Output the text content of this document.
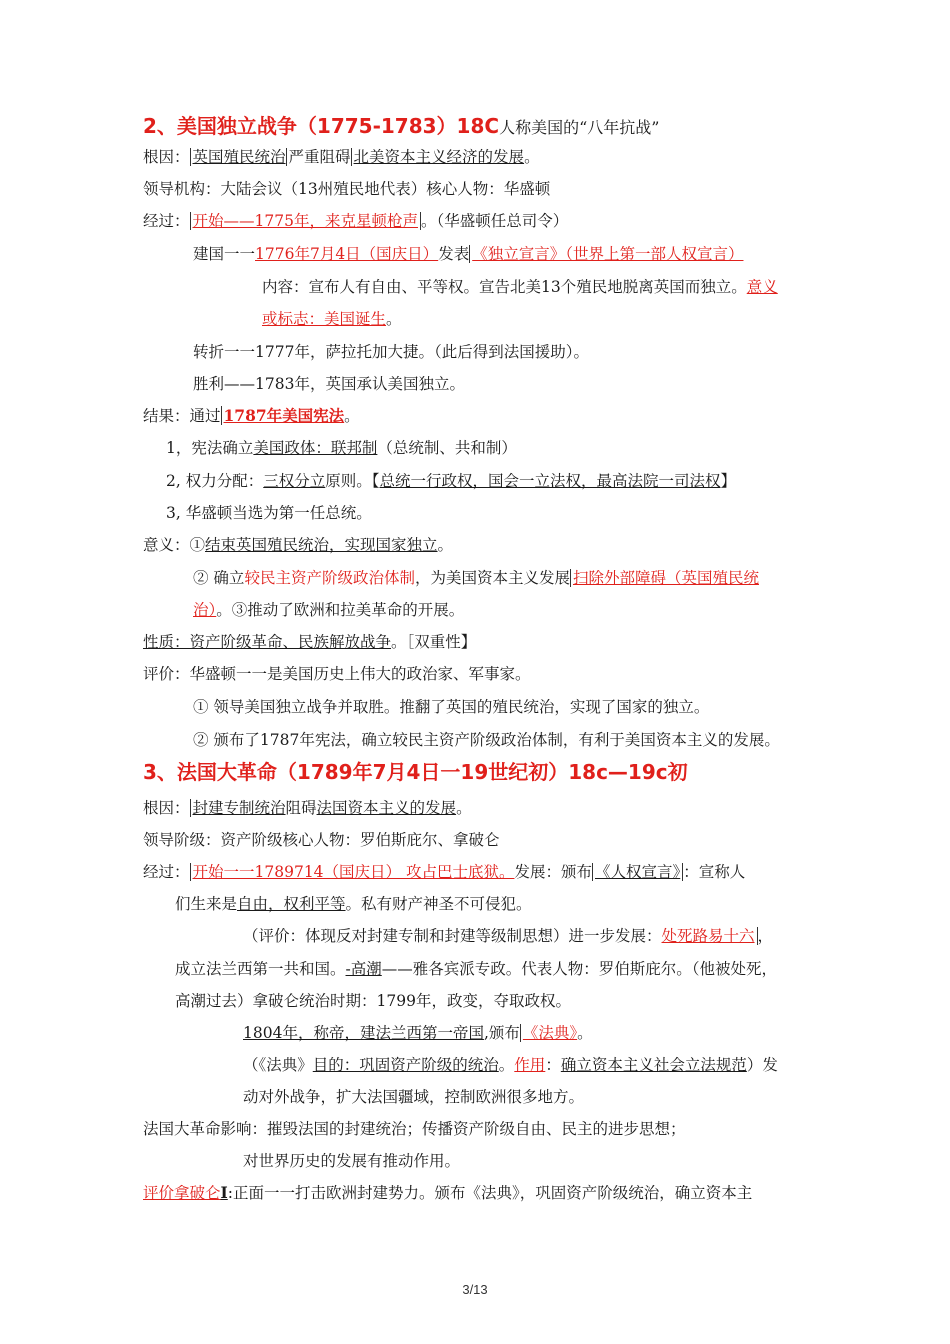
2、美国独立战争（1775-1783）18C人称美国的“八年抗战”
根因： 英国殖民统治 严重阻碍 北美资本主义经济的发展。
领导机构：大陆会议（13州殖民地代表）核心人物：华盛顿
经过： 开始——1775年，来克星顿枪声 。（华盛顿任总司令）
建国一一1776年7月4日（国庆日）发表 《独立宣言》（世界上第一部人权宣言）
内容：宣布人有自由、平等权。宣告北美13个殖民地脱离英国而独立。意义
或标志：美国诞生。
转折一一1777年，萨拉托加大捷。（此后得到法国援助）。
胜利——1783年，英国承认美国独立。
结果：通过 1787年美国宪法。
1，宪法确立美国政体：联邦制（总统制、共和制）
2, 权力分配：三权分立原则。【总统一行政权，国会一立法权，最高法院一司法权】
3, 华盛顿当选为第一任总统。
意义：①结束英国殖民统治，实现国家独立。
② 确立较民主资产阶级政治体制，为美国资本主义发展 扫除外部障碍（英国殖民统
治）。③推动了欧洲和拉美革命的开展。
性质：资产阶级革命、民族解放战争。［双重性】
评价：华盛顿一一是美国历史上伟大的政治家、军事家。
① 领导美国独立战争并取胜。推翻了英国的殖民统治，实现了国家的独立。
② 颁布了1787年宪法，确立较民主资产阶级政治体制，有利于美国资本主义的发展。
3、法国大革命（1789年7月4日一19世纪初）18c—19c初
根因： 封建专制统治阻碍法国资本主义的发展。
领导阶级：资产阶级核心人物：罗伯斯庇尔、拿破仑
经过： 开始一一1789714（国庆日） 攻占巴士底狱。发展：颁布 《人权宣言》 ：宣称人
们生来是自由，权利平等。私有财产神圣不可侵犯。
（评价：体现反对封建专制和封建等级制思想）进一步发展：处死路易十六 ，
成立法兰西第一共和国。-高潮——雅各宾派专政。代表人物：罗伯斯庇尔。（他被处死，
高潮过去）拿破仑统治时期：1799年，政变，夺取政权。
1804年，称帝，建法兰西第一帝国,颁布 《法典》。
（《法典》目的：巩固资产阶级的统治。作用：确立资本主义社会立法规范）发
动对外战争，扩大法国疆域，控制欧洲很多地方。
法国大革命影响：摧毁法国的封建统治；传播资产阶级自由、民主的进步思想；
对世界历史的发展有推动作用。
评价拿破仑I:正面一一打击欧洲封建势力。颁布《法典》，巩固资产阶级统治，确立资本主
3/13
